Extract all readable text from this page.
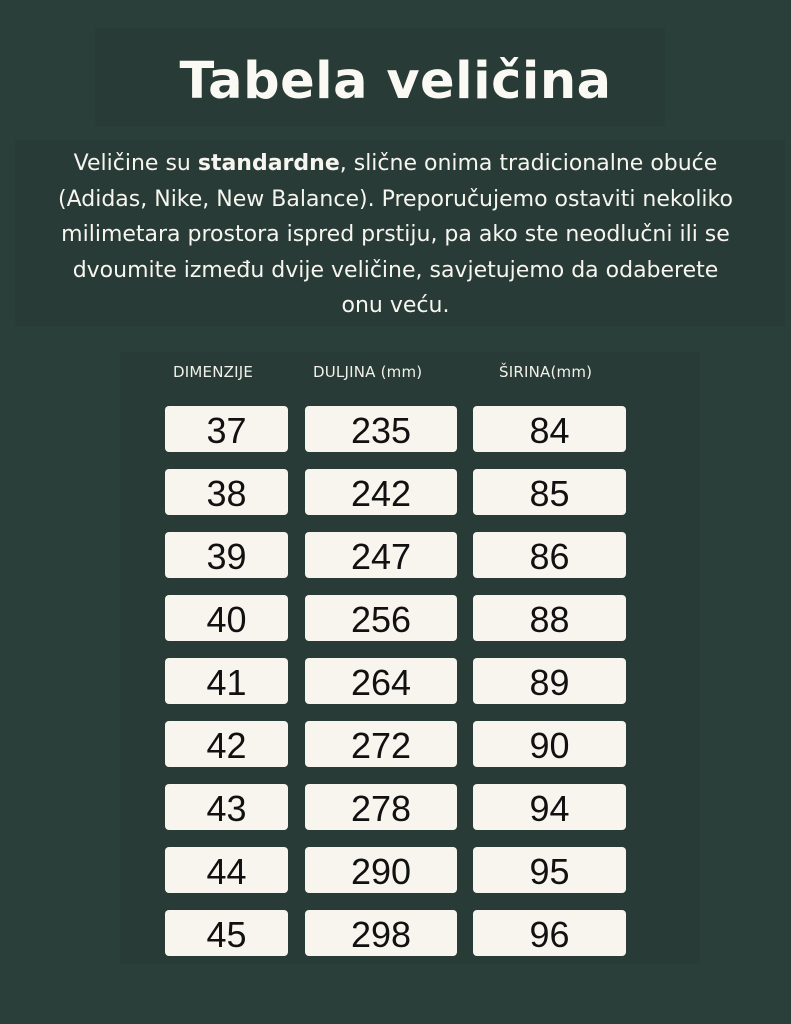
Tabela veličina

Veličine su standardne, slične onima tradicionalne obuće
(Adidas, Nike, New Balance). Preporučujemo ostaviti nekoliko
milimetara prostora ispred prstiju, pa ako ste neodlučni ili se
dvoumite između dvije veličine, savjetujemo da odaberete
onu veću.

DIMENZIJE	DULJINA (mm)	ŠIRINA(mm)
37	235	84
38	242	85
39	247	86
40	256	88
41	264	89
42	272	90
43	278	94
44	290	95
45	298	96
